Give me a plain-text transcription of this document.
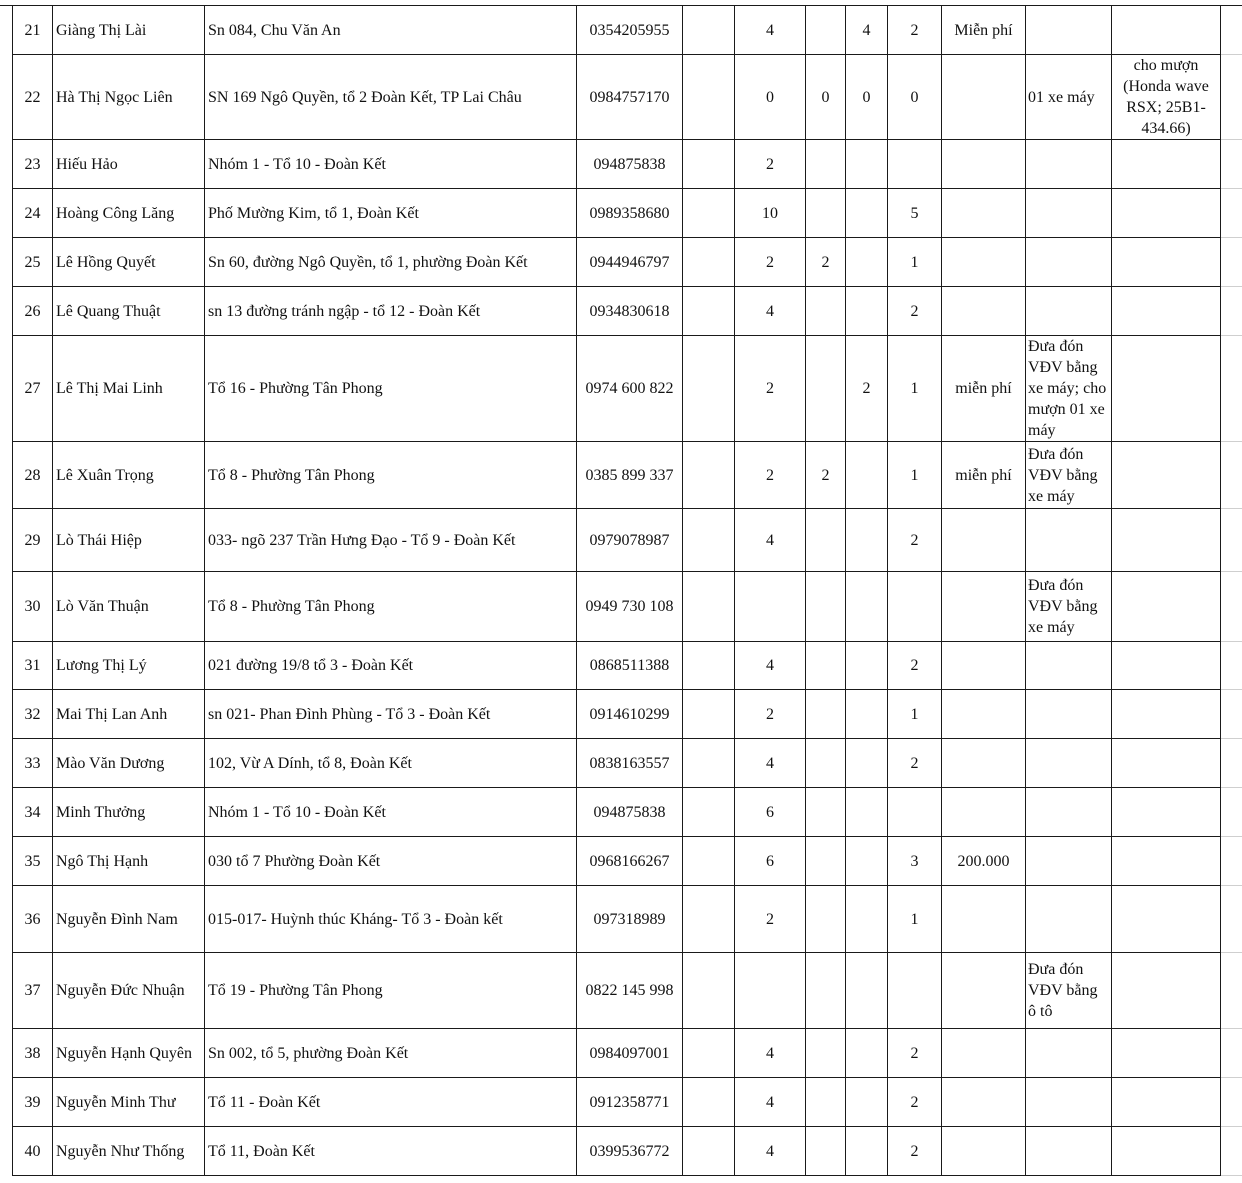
21	Giàng Thị Lài	Sn 084, Chu Văn An	0354205955		4		4	2	Miễn phí		
22	Hà Thị Ngọc Liên	SN 169 Ngô Quyền, tổ 2 Đoàn Kết, TP Lai Châu	0984757170		0	0	0	0		01 xe máy	cho mượn (Honda wave RSX; 25B1-434.66)
23	Hiếu Hảo	Nhóm 1 - Tổ 10 - Đoàn Kết	094875838		2						
24	Hoàng Công Lăng	Phố Mường Kim, tổ 1, Đoàn Kết	0989358680		10			5			
25	Lê Hồng Quyết	Sn 60, đường Ngô Quyền, tổ 1, phường Đoàn Kết	0944946797		2	2		1			
26	Lê Quang Thuật	sn 13 đường tránh ngập - tổ 12 - Đoàn Kết	0934830618		4			2			
27	Lê Thị Mai Linh	Tổ 16 - Phường Tân Phong	0974 600 822		2		2	1	miễn phí	Đưa đón VĐV bằng xe máy; cho mượn 01 xe máy	
28	Lê Xuân Trọng	Tổ 8 - Phường Tân Phong	0385 899 337		2	2		1	miễn phí	Đưa đón VĐV bằng xe máy	
29	Lò Thái Hiệp	033- ngõ 237 Trần Hưng Đạo - Tổ 9 - Đoàn Kết	0979078987		4			2			
30	Lò Văn Thuận	Tổ 8 - Phường Tân Phong	0949 730 108							Đưa đón VĐV bằng xe máy	
31	Lương Thị Lý	021 đường 19/8 tổ 3 - Đoàn Kết	0868511388		4			2			
32	Mai Thị Lan Anh	sn 021- Phan Đình Phùng - Tổ 3 - Đoàn Kết	0914610299		2			1			
33	Mào Văn Dương	102, Vừ A Dính, tổ 8, Đoàn Kết	0838163557		4			2			
34	Minh Thưởng	Nhóm 1 - Tổ 10 - Đoàn Kết	094875838		6						
35	Ngô Thị Hạnh	030 tổ 7 Phường Đoàn Kết	0968166267		6			3	200.000		
36	Nguyễn Đình Nam	015-017- Huỳnh thúc Kháng- Tổ 3 - Đoàn kết	097318989		2			1			
37	Nguyễn Đức Nhuận	Tổ 19 - Phường Tân Phong	0822 145 998							Đưa đón VĐV bằng ô tô	
38	Nguyễn Hạnh Quyên	Sn 002, tổ 5, phường Đoàn Kết	0984097001		4			2			
39	Nguyễn Minh Thư	Tổ 11 - Đoàn Kết	0912358771		4			2			
40	Nguyễn Như Thống	Tổ 11, Đoàn Kết	0399536772		4			2			
